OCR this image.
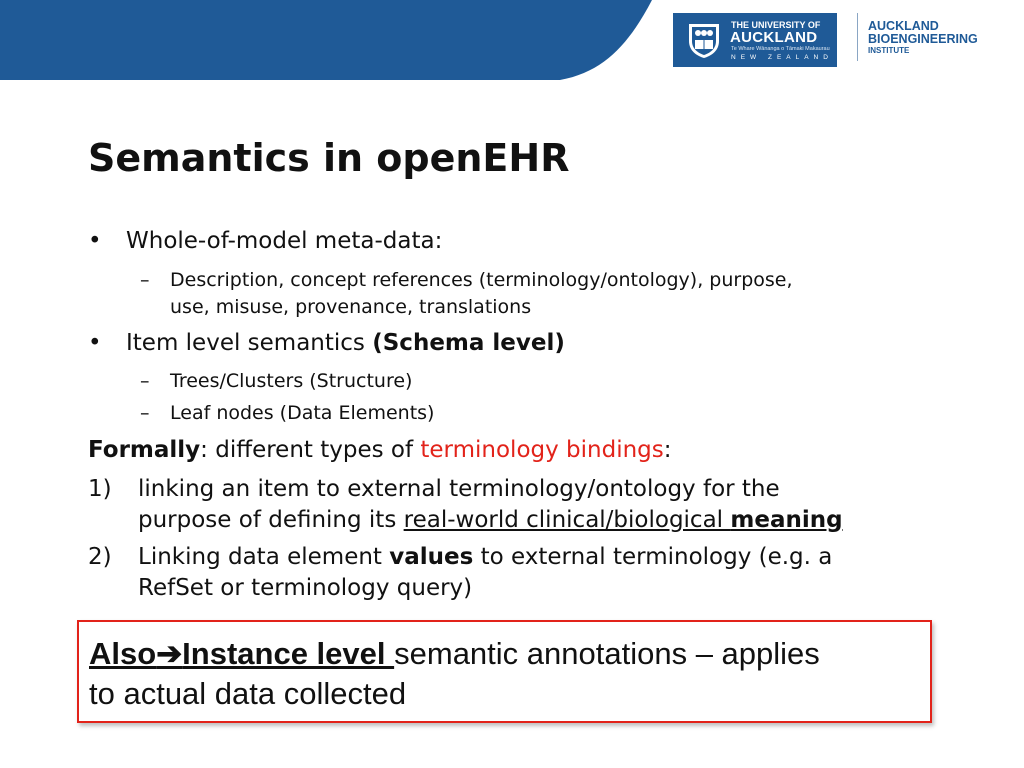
THE UNIVERSITY OF
AUCKLAND
Te Whare Wānanga o Tāmaki Makaurau
NEW ZEALAND
AUCKLAND
BIOENGINEERING
INSTITUTE
Semantics in openEHR
• Whole-of-model meta-data:
– Description, concept references (terminology/ontology), purpose,
use, misuse, provenance, translations
• Item level semantics (Schema level)
– Trees/Clusters (Structure)
– Leaf nodes (Data Elements)
Formally: different types of terminology bindings:
1) linking an item to external terminology/ontology for the
purpose of defining its real-world clinical/biological meaning
2) Linking data element values to external terminology (e.g. a
RefSet or terminology query)
Also➔Instance level semantic annotations – applies
to actual data collected
